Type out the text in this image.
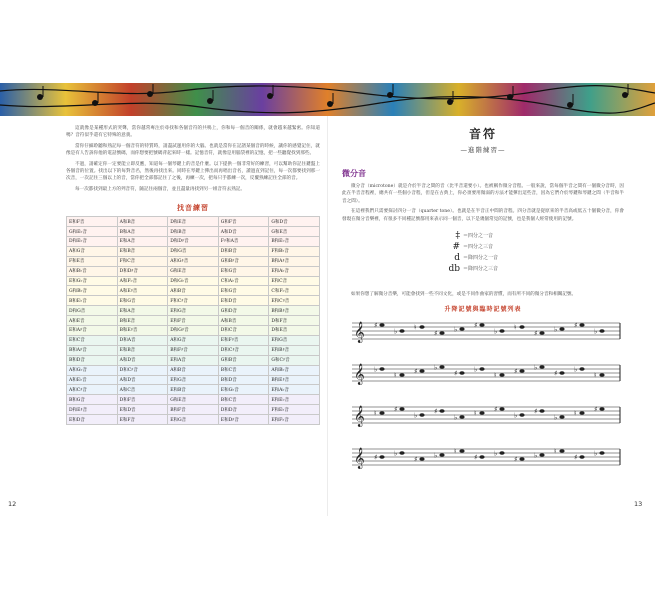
這就像是某種形式的哭聲，當你越常專注於尋找和各個音符的共鳴上，你和每一個音的關係，就會越來越緊密。你知道嗎？音符似乎還有它特殊的意義。

當你仔細聆聽和熟記每一個音符的特質時，請盡試運用你的大腦。也就是當你在記譜某個音的時候，讓你的感覺記住，就像是有人告訴你他的電話號碼，而你想要把號碼背起來時一樣。記憶音符，就像是用腦袋裡的記憶，把一些聽覺找到那些。

不過，請確定你一定要能立即反應，知道每一個琴鍵上的音是什麼。以下提供一個非常好的練習，可以幫助你記住鍵盤上各個音的位置。找出以下的每對音名，然後再找出來。同時在琴鍵上彈出而再唱出音名，讀過直到記住，每一次都要找到那一次音，一次記住三個以上的音，當你把全部都記住了之後，再練一次，把每只手都練一次，反覆熟練記住全部的音。

每一次都找到最上方的列音符，隨記住兩個音，並且盡量再找到另一組音符去熟記。

找音練習
E和F音	A和B音	D和E音	G和F音	G和D音
G和E♭音	B和A音	D和B音	A和D音	G和E音
D和E♭音	E和A音	D和D♯音	F♯和A音	B和E♭音
A和G音	E和B音	D和G音	D和B音	F和B♭音
F和E音	F和C音	A和G♯音	G和B♯音	B和A♯音
A和B♭音	D和D♯音	G和E音	E和G音	E和A♭音
E和G♭音	A和F♭音	D和G♭音	C和A♭音	E和C音
G和B♭音	A和E♯音	A和B音	E和G音	C和F♭音
B和E♭音	E和G音	F和C♯音	E和D音	E和C♯音
D和G音	E和A音	E和G音	G和D音	B和B♯音
A和E音	B和E音	E和F音	A和B音	D和F音
E和A♯音	B和E♯音	D和G♯音	D和C音	D和E音
E和C音	D和A音	A和G音	E和F♯音	E和G音
B和A♯音	E和B音	B和F♯音	D和C♯音	E和B♯音
B和D音	A和D音	E和A音	G和B音	G和C♯音
A和G♭音	D和C♯音	A和B音	B和C音	A和B♭音
A和E♭音	A和D音	E和G音	B和D音	B和E♯音
A和C♯音	A和C音	E和B音	E和G♭音	E和A♭音
B和G音	D和F音	G和E音	B和C音	E和E♭音
D和E♯音	E和D音	B和F音	D和D音	F和E♭音
E和D音	E和F音	E和G音	E和D♯音	E和F♭音
12
音符
—進階練習—
微分音

微分音（microtone）就是介於半音之間的音（比半音還要小）。也被稱作微分音程。一般來說，當每個半音之間有一個微分音時，因此在半音音程裡，總共有一些個小音程，但是在古典上，你必須要用微弱的方法才能彈出這些音，因為它們介於琴鍵和琴鍵之間（半音和半音之間）。

在這裡我們只需要探討四分一音（quarter tone）。也就是在半音正中間的音程。四分音就是從原來的半音高或低五十個微分音，你會發現在微分音樂裡，有很多不同種記號都用來表示同一個音，以下是幾個常見的記號，也是我個人經常使用的記號。

‡ ＝四分之一音
# ＝四分之三音
d ＝降四分之一音
db ＝降四分之三音

如果你想了解微分音樂，可能會找到一些不同文化，或是不同作曲家的習慣，而有所不同的微分音和相關記號。

升降記號與臨時記號列表
𝄞 ♯
♭ ♮
♯ ♭ ♯
♭ ♮
♯ ♭ ♯
♭
𝄞 ♭
♮ ♯ ♭
♯ ♭
♮ ♯ ♭
♯ ♭
♮
𝄞 ♮ ♯
♭ ♯
♭ ♮ ♯
♭ ♯
♭ ♮ ♯
𝄞 ♯ ♭
♯ ♭ ♮
♯ ♭
♯ ♭ ♮
♯ ♭
13
